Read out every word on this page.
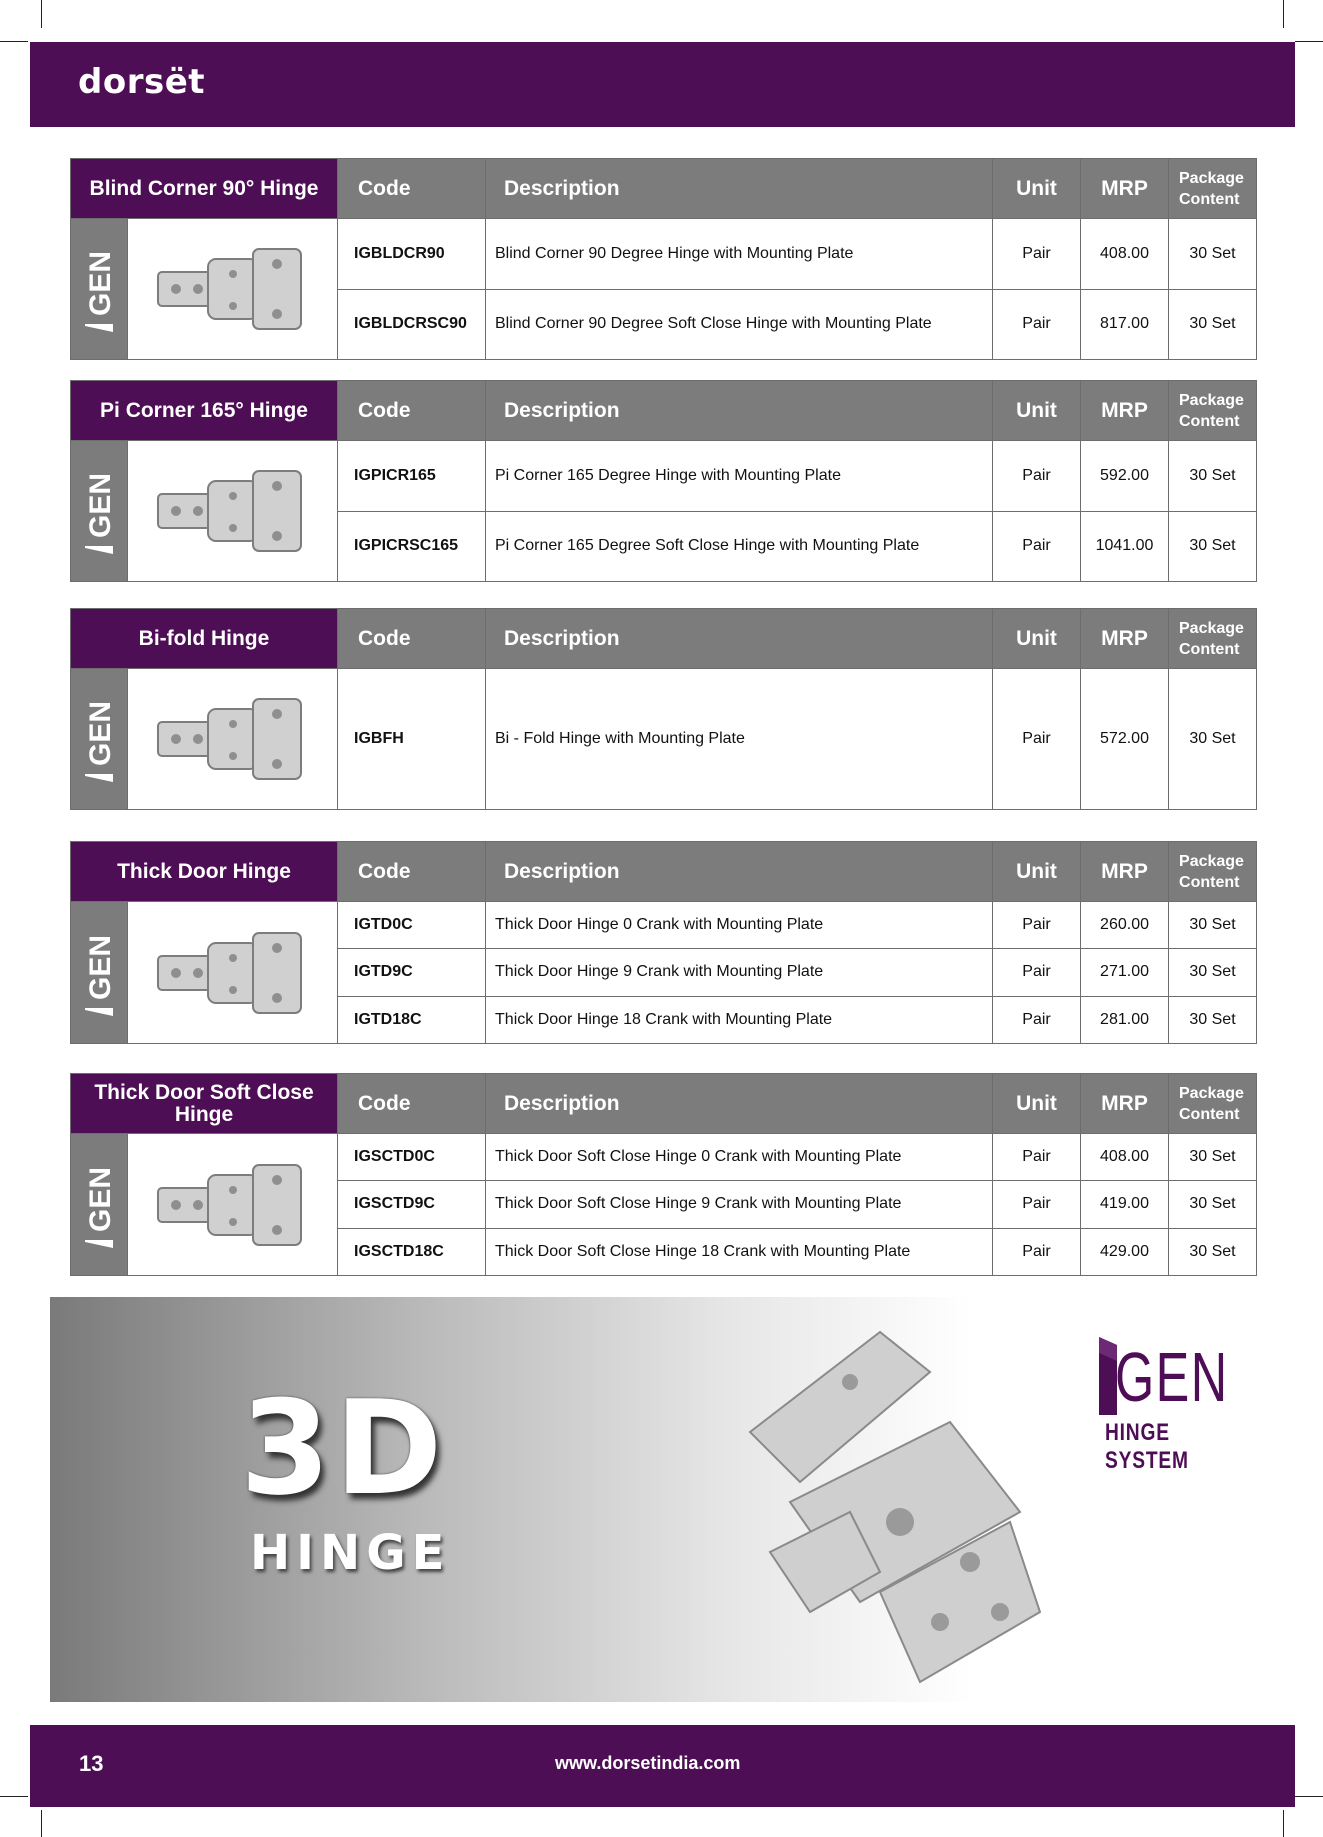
dorsët
Blind Corner 90° Hinge		Code	Description	Unit	MRP	Package
Content

GEN		IGBLDCR90	Blind Corner 90 Degree Hinge with Mounting Plate	Pair	408.00	30 Set
		IGBLDCRSC90	Blind Corner 90 Degree Soft Close Hinge with Mounting Plate	Pair	817.00	30 Set
Pi Corner 165° Hinge		Code	Description	Unit	MRP	Package
Content

GEN		IGPICR165	Pi Corner 165 Degree Hinge with Mounting Plate	Pair	592.00	30 Set
		IGPICRSC165	Pi Corner 165 Degree Soft Close Hinge with Mounting Plate	Pair	1041.00	30 Set
Bi-fold Hinge		Code	Description	Unit	MRP	Package
Content

GEN		IGBFH	Bi - Fold Hinge with Mounting Plate	Pair	572.00	30 Set
Thick Door Hinge		Code	Description	Unit	MRP	Package
Content

GEN		IGTD0C	Thick Door Hinge 0 Crank with Mounting Plate	Pair	260.00	30 Set
		IGTD9C	Thick Door Hinge 9 Crank with Mounting Plate	Pair	271.00	30 Set
		IGTD18C	Thick Door Hinge 18 Crank with Mounting Plate	Pair	281.00	30 Set
Thick Door Soft Close Hinge		Code	Description	Unit	MRP	Package
Content

GEN		IGSCTD0C	Thick Door Soft Close Hinge 0 Crank with Mounting Plate	Pair	408.00	30 Set
		IGSCTD9C	Thick Door Soft Close Hinge 9 Crank with Mounting Plate	Pair	419.00	30 Set
		IGSCTD18C	Thick Door Soft Close Hinge 18 Crank with Mounting Plate	Pair	429.00	30 Set
3D
HINGE
GEN
HINGE SYSTEM
13	www.dorsetindia.com
